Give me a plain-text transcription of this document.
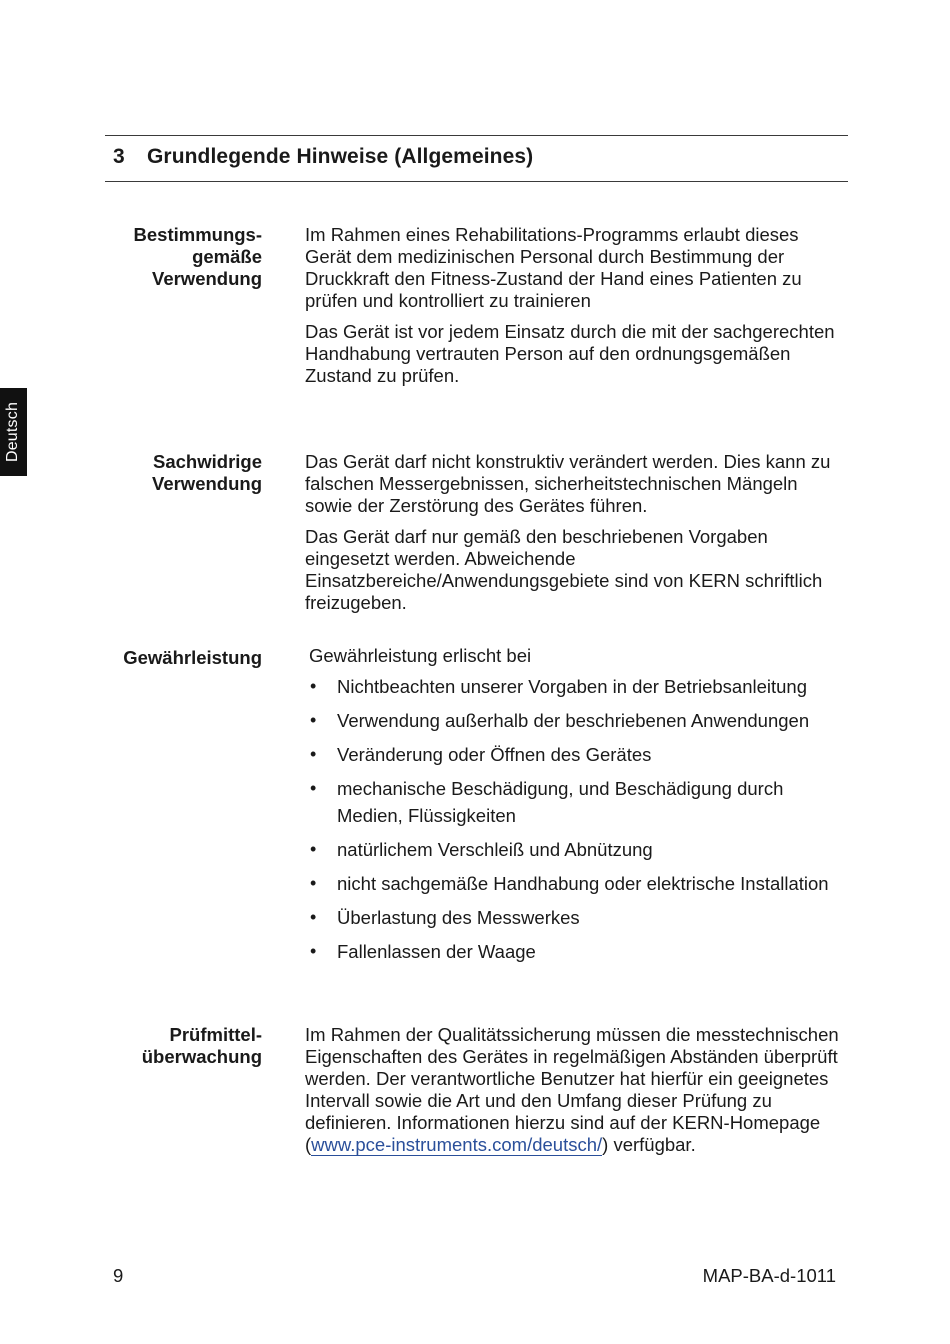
3 Grundlegende Hinweise (Allgemeines)
Deutsch
Bestimmungs-
gemäße
Verwendung

Im Rahmen eines Rehabilitations-Programms erlaubt dieses Gerät dem medizinischen Personal durch Bestimmung der Druckkraft den Fitness-Zustand der Hand eines Patienten zu prüfen und kontrolliert zu trainieren

Das Gerät ist vor jedem Einsatz durch die mit der sachgerechten Handhabung vertrauten Person auf den ordnungsgemäßen Zustand zu prüfen.

Sachwidrige
Verwendung

Das Gerät darf nicht konstruktiv verändert werden. Dies kann zu falschen Messergebnissen, sicherheitstechnischen Mängeln sowie der Zerstörung des Gerätes führen.

Das Gerät darf nur gemäß den beschriebenen Vorgaben eingesetzt werden. Abweichende Einsatzbereiche/Anwendungsgebiete sind von KERN schriftlich freizugeben.

Gewährleistung	Gewährleistung erlischt bei
• Nichtbeachten unserer Vorgaben in der Betriebsanleitung
• Verwendung außerhalb der beschriebenen Anwendungen
• Veränderung oder Öffnen des Gerätes
• mechanische Beschädigung, und Beschädigung durch Medien, Flüssigkeiten
• natürlichem Verschleiß und Abnützung
• nicht sachgemäße Handhabung oder elektrische Installation
• Überlastung des Messwerkes
• Fallenlassen der Waage
Prüfmittel-
überwachung

Im Rahmen der Qualitätssicherung müssen die messtechnischen Eigenschaften des Gerätes in regelmäßigen Abständen überprüft werden. Der verantwortliche Benutzer hat hierfür ein geeignetes Intervall sowie die Art und den Umfang dieser Prüfung zu definieren. Informationen hierzu sind auf der KERN-Homepage (www.pce-instruments.com/deutsch/) verfügbar.

9	MAP-BA-d-1011
